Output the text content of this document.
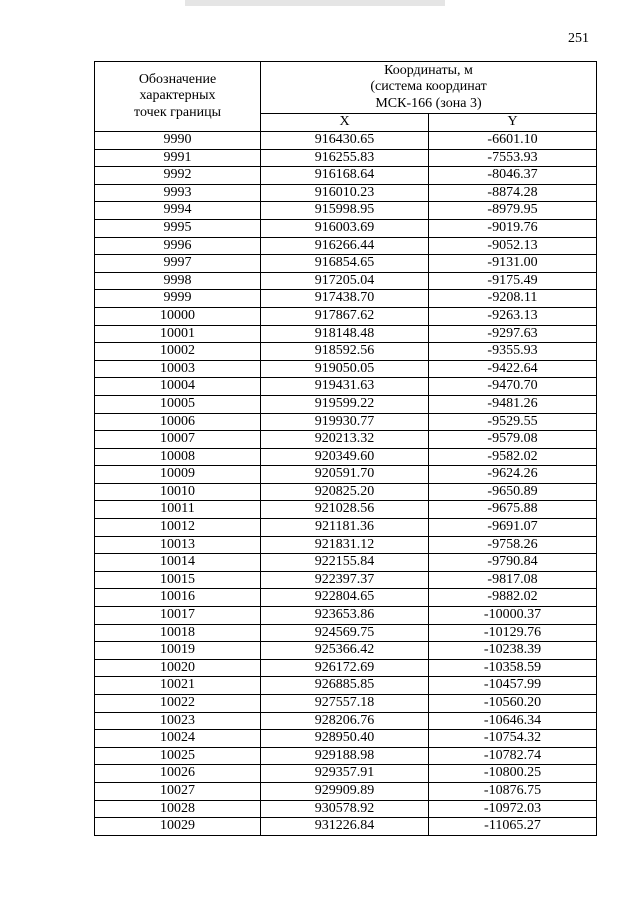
251
Обозначение
характерных
точек границы	Координаты, м
(система координат
МСК-166 (зона 3)	
	X	Y
9990	916430.65	-6601.10
9991	916255.83	-7553.93
9992	916168.64	-8046.37
9993	916010.23	-8874.28
9994	915998.95	-8979.95
9995	916003.69	-9019.76
9996	916266.44	-9052.13
9997	916854.65	-9131.00
9998	917205.04	-9175.49
9999	917438.70	-9208.11
10000	917867.62	-9263.13
10001	918148.48	-9297.63
10002	918592.56	-9355.93
10003	919050.05	-9422.64
10004	919431.63	-9470.70
10005	919599.22	-9481.26
10006	919930.77	-9529.55
10007	920213.32	-9579.08
10008	920349.60	-9582.02
10009	920591.70	-9624.26
10010	920825.20	-9650.89
10011	921028.56	-9675.88
10012	921181.36	-9691.07
10013	921831.12	-9758.26
10014	922155.84	-9790.84
10015	922397.37	-9817.08
10016	922804.65	-9882.02
10017	923653.86	-10000.37
10018	924569.75	-10129.76
10019	925366.42	-10238.39
10020	926172.69	-10358.59
10021	926885.85	-10457.99
10022	927557.18	-10560.20
10023	928206.76	-10646.34
10024	928950.40	-10754.32
10025	929188.98	-10782.74
10026	929357.91	-10800.25
10027	929909.89	-10876.75
10028	930578.92	-10972.03
10029	931226.84	-11065.27
